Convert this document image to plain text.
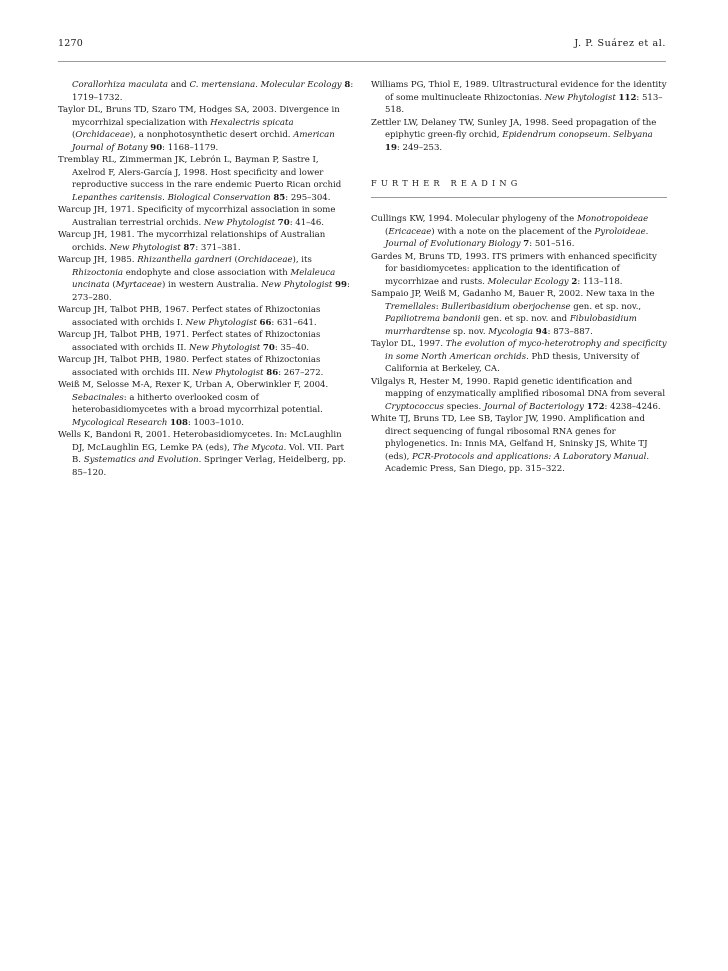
1270	J. P. Suárez et al.

Corallorhiza maculata and C. mertensiana. Molecular Ecology 8: 1719–1732.

Taylor DL, Bruns TD, Szaro TM, Hodges SA, 2003. Divergence in mycorrhizal specialization with Hexalectris spicata (Orchidaceae), a nonphotosynthetic desert orchid. American Journal of Botany 90: 1168–1179.

Tremblay RL, Zimmerman JK, Lebrón L, Bayman P, Sastre I, Axelrod F, Alers-García J, 1998. Host specificity and lower reproductive success in the rare endemic Puerto Rican orchid Lepanthes caritensis. Biological Conservation 85: 295–304.

Warcup JH, 1971. Specificity of mycorrhizal association in some Australian terrestrial orchids. New Phytologist 70: 41–46.

Warcup JH, 1981. The mycorrhizal relationships of Australian orchids. New Phytologist 87: 371–381.

Warcup JH, 1985. Rhizanthella gardneri (Orchidaceae), its Rhizoctonia endophyte and close association with Melaleuca uncinata (Myrtaceae) in western Australia. New Phytologist 99: 273–280.

Warcup JH, Talbot PHB, 1967. Perfect states of Rhizoctonias associated with orchids I. New Phytologist 66: 631–641.

Warcup JH, Talbot PHB, 1971. Perfect states of Rhizoctonias associated with orchids II. New Phytologist 70: 35–40.

Warcup JH, Talbot PHB, 1980. Perfect states of Rhizoctonias associated with orchids III. New Phytologist 86: 267–272.

Weiß M, Selosse M-A, Rexer K, Urban A, Oberwinkler F, 2004. Sebacinales: a hitherto overlooked cosm of heterobasidiomycetes with a broad mycorrhizal potential. Mycological Research 108: 1003–1010.

Wells K, Bandoni R, 2001. Heterobasidiomycetes. In: McLaughlin DJ, McLaughlin EG, Lemke PA (eds), The Mycota. Vol. VII. Part B. Systematics and Evolution. Springer Verlag, Heidelberg, pp. 85–120.

Williams PG, Thiol E, 1989. Ultrastructural evidence for the identity of some multinucleate Rhizoctonias. New Phytologist 112: 513–518.

Zettler LW, Delaney TW, Sunley JA, 1998. Seed propagation of the epiphytic green-fly orchid, Epidendrum conopseum. Selbyana 19: 249–253.

FURTHER READING

Cullings KW, 1994. Molecular phylogeny of the Monotropoideae (Ericaceae) with a note on the placement of the Pyroloideae. Journal of Evolutionary Biology 7: 501–516.

Gardes M, Bruns TD, 1993. ITS primers with enhanced specificity for basidiomycetes: application to the identification of mycorrhizae and rusts. Molecular Ecology 2: 113–118.

Sampaio JP, Weiß M, Gadanho M, Bauer R, 2002. New taxa in the Tremellales: Bulleribasidium oberjochense gen. et sp. nov., Papiliotrema bandonii gen. et sp. nov. and Fibulobasidium murrhardtense sp. nov. Mycologia 94: 873–887.

Taylor DL, 1997. The evolution of myco-heterotrophy and specificity in some North American orchids. PhD thesis, University of California at Berkeley, CA.

Vilgalys R, Hester M, 1990. Rapid genetic identification and mapping of enzymatically amplified ribosomal DNA from several Cryptococcus species. Journal of Bacteriology 172: 4238–4246.

White TJ, Bruns TD, Lee SB, Taylor JW, 1990. Amplification and direct sequencing of fungal ribosomal RNA genes for phylogenetics. In: Innis MA, Gelfand H, Sninsky JS, White TJ (eds), PCR-Protocols and applications: A Laboratory Manual. Academic Press, San Diego, pp. 315–322.
